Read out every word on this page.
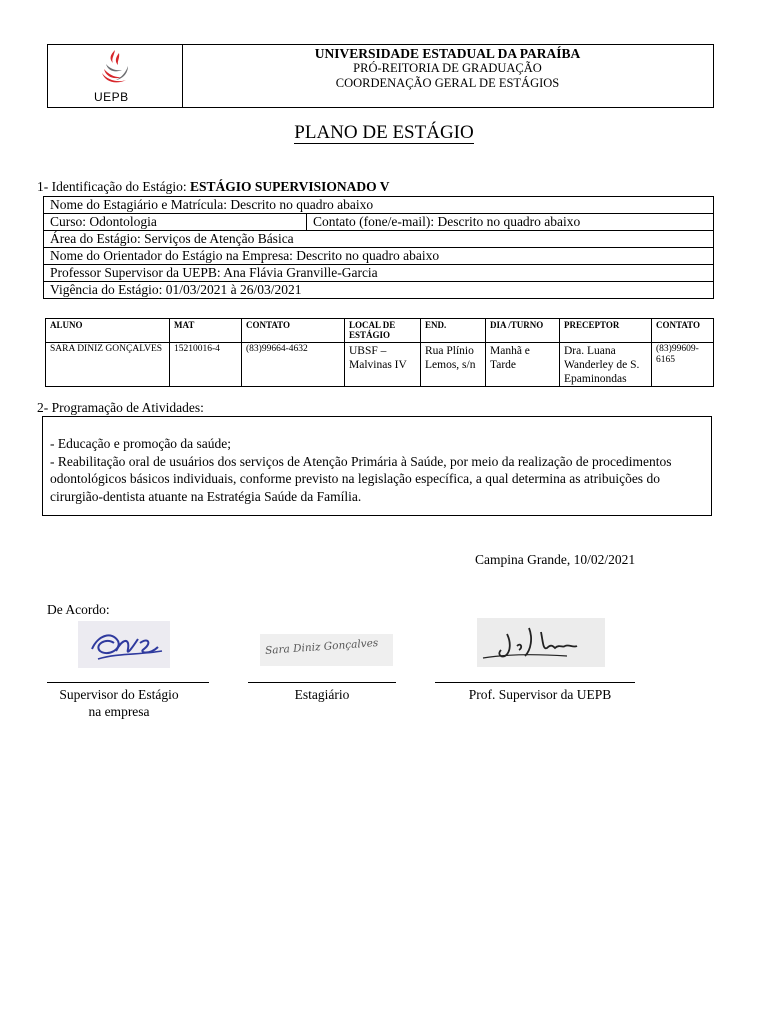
UEPB
UNIVERSIDADE ESTADUAL DA PARAÍBA
PRÓ-REITORIA DE GRADUAÇÃO
COORDENAÇÃO GERAL DE ESTÁGIOS
PLANO DE ESTÁGIO
1- Identificação do Estágio: ESTÁGIO SUPERVISIONADO V
Nome do Estagiário e Matrícula: Descrito no quadro abaixo
Curso: Odontologia	Contato (fone/e-mail): Descrito no quadro abaixo
Área do Estágio: Serviços de Atenção Básica
Nome do Orientador do Estágio na Empresa: Descrito no quadro abaixo
Professor Supervisor da UEPB: Ana Flávia Granville-Garcia
Vigência do Estágio: 01/03/2021 à 26/03/2021
ALUNO	MAT	CONTATO	LOCAL DE ESTÁGIO	END.	DIA /TURNO	PRECEPTOR	CONTATO
SARA DINIZ GONÇALVES	15210016-4	(83)99664-4632	UBSF – Malvinas IV	Rua Plínio Lemos, s/n	Manhã e Tarde	Dra. Luana Wanderley de S. Epaminondas	(83)99609-6165
2- Programação de Atividades:
- Educação e promoção da saúde;
- Reabilitação oral de usuários dos serviços de Atenção Primária à Saúde, por meio da realização de procedimentos odontológicos básicos individuais, conforme previsto na legislação específica, a qual determina as atribuições do cirurgião-dentista atuante na Estratégia Saúde da Família.
Campina Grande, 10/02/2021
De Acordo:
Supervisor do Estágio
na empresa
Sara Diniz Gonçalves
Estagiário	Prof. Supervisor da UEPB
